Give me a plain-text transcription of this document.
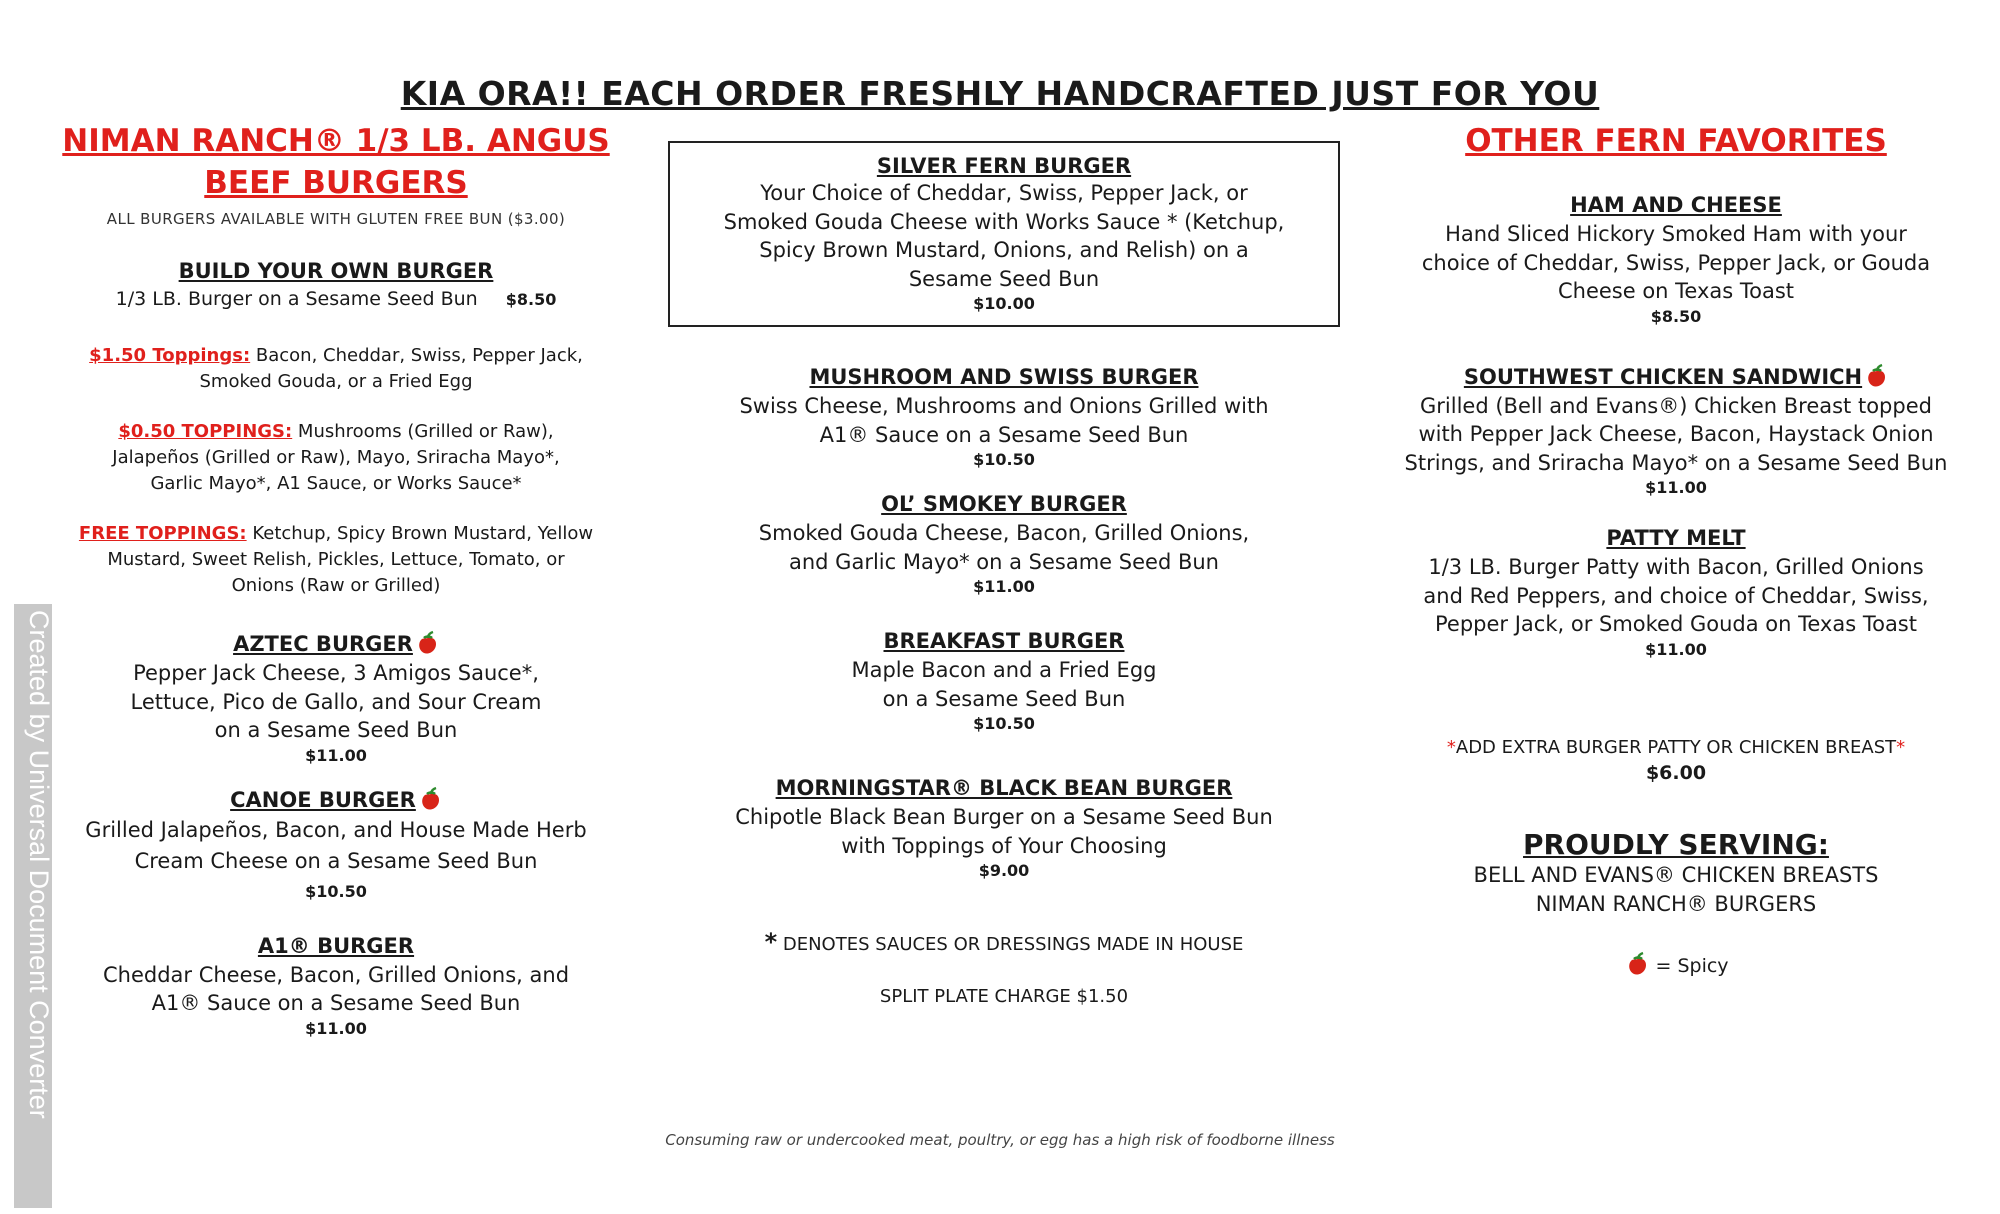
KIA ORA!! EACH ORDER FRESHLY HANDCRAFTED JUST FOR YOU
NIMAN RANCH® 1/3 LB. ANGUS
BEEF BURGERS
ALL BURGERS AVAILABLE WITH GLUTEN FREE BUN ($3.00)
BUILD YOUR OWN BURGER
1/3 LB. Burger on a Sesame Seed Bun $8.50
$1.50 Toppings: Bacon, Cheddar, Swiss, Pepper Jack,
Smoked Gouda, or a Fried Egg
$0.50 TOPPINGS: Mushrooms (Grilled or Raw),
Jalapeños (Grilled or Raw), Mayo, Sriracha Mayo*,
Garlic Mayo*, A1 Sauce, or Works Sauce*
FREE TOPPINGS: Ketchup, Spicy Brown Mustard, Yellow
Mustard, Sweet Relish, Pickles, Lettuce, Tomato, or
Onions (Raw or Grilled)
AZTEC BURGER
Pepper Jack Cheese, 3 Amigos Sauce*,
Lettuce, Pico de Gallo, and Sour Cream
on a Sesame Seed Bun
$11.00
CANOE BURGER
Grilled Jalapeños, Bacon, and House Made Herb
Cream Cheese on a Sesame Seed Bun
$10.50
A1® BURGER
Cheddar Cheese, Bacon, Grilled Onions, and
A1® Sauce on a Sesame Seed Bun
$11.00
SILVER FERN BURGER
Your Choice of Cheddar, Swiss, Pepper Jack, or
Smoked Gouda Cheese with Works Sauce * (Ketchup,
Spicy Brown Mustard, Onions, and Relish) on a
Sesame Seed Bun
$10.00
MUSHROOM AND SWISS BURGER
Swiss Cheese, Mushrooms and Onions Grilled with
A1® Sauce on a Sesame Seed Bun
$10.50
OL’ SMOKEY BURGER
Smoked Gouda Cheese, Bacon, Grilled Onions,
and Garlic Mayo* on a Sesame Seed Bun
$11.00
BREAKFAST BURGER
Maple Bacon and a Fried Egg
on a Sesame Seed Bun
$10.50
MORNINGSTAR® BLACK BEAN BURGER
Chipotle Black Bean Burger on a Sesame Seed Bun
with Toppings of Your Choosing
$9.00
* DENOTES SAUCES OR DRESSINGS MADE IN HOUSE
SPLIT PLATE CHARGE $1.50
OTHER FERN FAVORITES
HAM AND CHEESE
Hand Sliced Hickory Smoked Ham with your
choice of Cheddar, Swiss, Pepper Jack, or Gouda
Cheese on Texas Toast
$8.50
SOUTHWEST CHICKEN SANDWICH
Grilled (Bell and Evans®) Chicken Breast topped
with Pepper Jack Cheese, Bacon, Haystack Onion
Strings, and Sriracha Mayo* on a Sesame Seed Bun
$11.00
PATTY MELT
1/3 LB. Burger Patty with Bacon, Grilled Onions
and Red Peppers, and choice of Cheddar, Swiss,
Pepper Jack, or Smoked Gouda on Texas Toast
$11.00
*ADD EXTRA BURGER PATTY OR CHICKEN BREAST*
$6.00
PROUDLY SERVING:
BELL AND EVANS® CHICKEN BREASTS
NIMAN RANCH® BURGERS
= Spicy
Created by Universal Document Converter
Consuming raw or undercooked meat, poultry, or egg has a high risk of foodborne illness
